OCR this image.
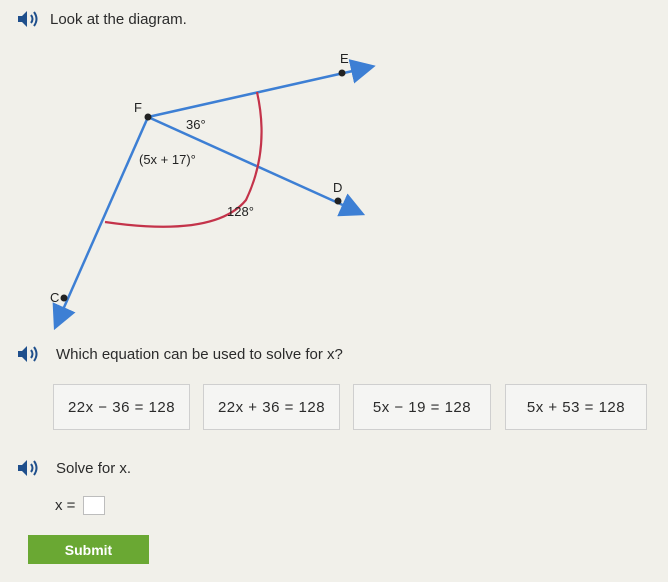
Look at the diagram.
E
F
D
C
36°
(5x + 17)°
128°
Which equation can be used to solve for x?
22x − 36 = 128	22x + 36 = 128	5x − 19 = 128	5x + 53 = 128
Solve for x.
x =
Submit
